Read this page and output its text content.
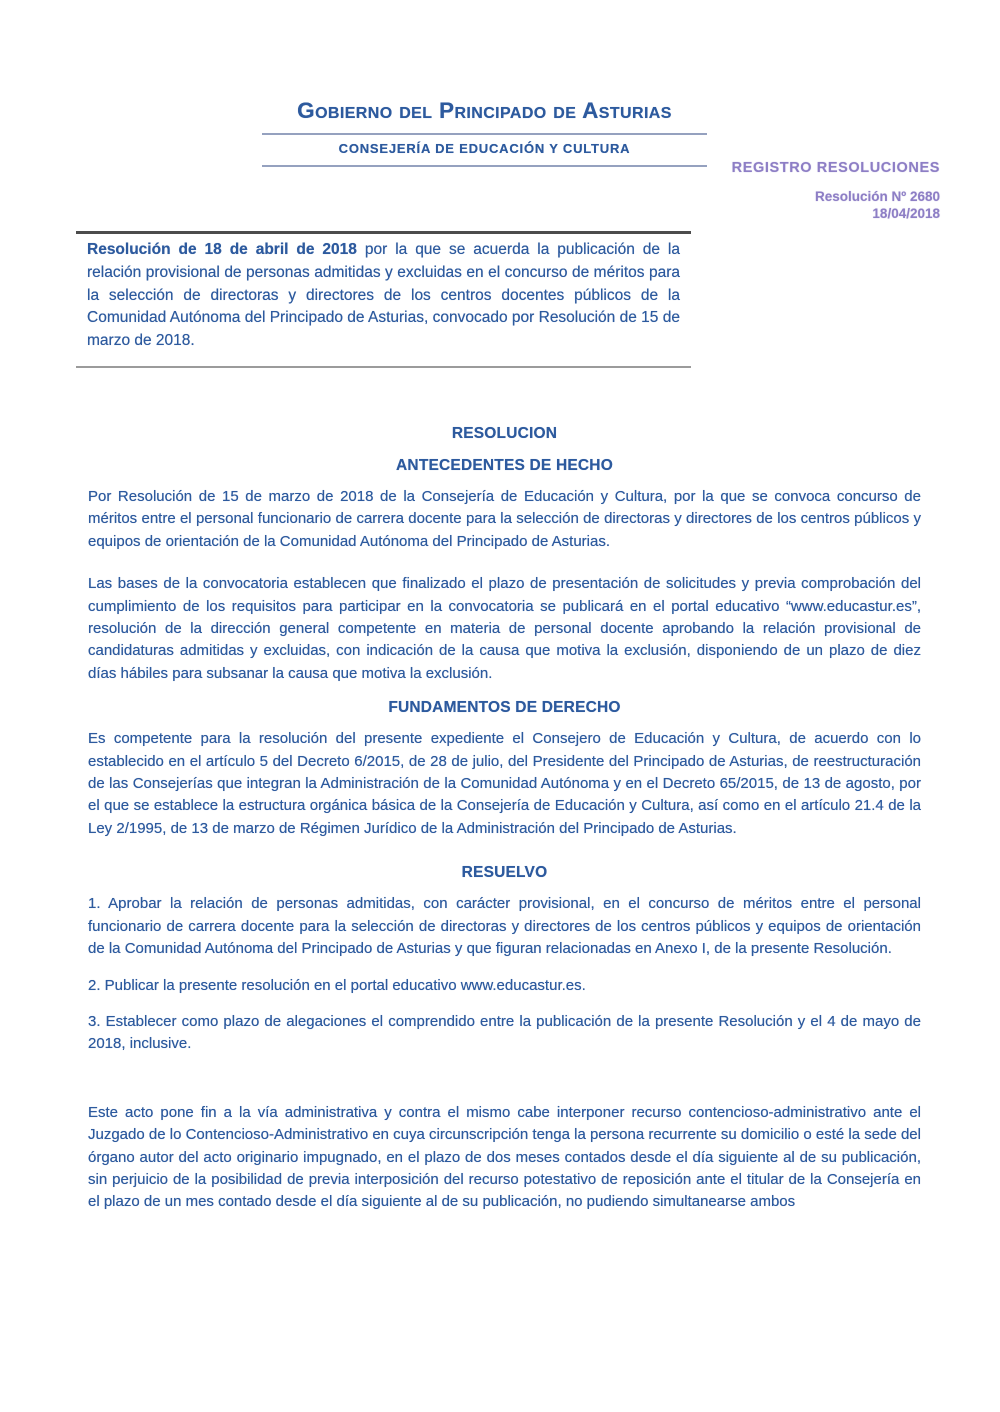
Gobierno del Principado de Asturias
CONSEJERÍA DE EDUCACIÓN Y CULTURA
REGISTRO RESOLUCIONES
Resolución Nº 2680
18/04/2018
Resolución de 18 de abril de 2018 por la que se acuerda la publicación de la relación provisional de personas admitidas y excluidas en el concurso de méritos para la selección de directoras y directores de los centros docentes públicos de la Comunidad Autónoma del Principado de Asturias, convocado por Resolución de 15 de marzo de 2018.
RESOLUCION
ANTECEDENTES DE HECHO

Por Resolución de 15 de marzo de 2018 de la Consejería de Educación y Cultura, por la que se convoca concurso de méritos entre el personal funcionario de carrera docente para la selección de directoras y directores de los centros públicos y equipos de orientación de la Comunidad Autónoma del Principado de Asturias.

Las bases de la convocatoria establecen que finalizado el plazo de presentación de solicitudes y previa comprobación del cumplimiento de los requisitos para participar en la convocatoria se publicará en el portal educativo “www.educastur.es”, resolución de la dirección general competente en materia de personal docente aprobando la relación provisional de candidaturas admitidas y excluidas, con indicación de la causa que motiva la exclusión, disponiendo de un plazo de diez días hábiles para subsanar la causa que motiva la exclusión.

FUNDAMENTOS DE DERECHO

Es competente para la resolución del presente expediente el Consejero de Educación y Cultura, de acuerdo con lo establecido en el artículo 5 del Decreto 6/2015, de 28 de julio, del Presidente del Principado de Asturias, de reestructuración de las Consejerías que integran la Administración de la Comunidad Autónoma y en el Decreto 65/2015, de 13 de agosto, por el que se establece la estructura orgánica básica de la Consejería de Educación y Cultura, así como en el artículo 21.4 de la Ley 2/1995, de 13 de marzo de Régimen Jurídico de la Administración del Principado de Asturias.

RESUELVO

1. Aprobar la relación de personas admitidas, con carácter provisional, en el concurso de méritos entre el personal funcionario de carrera docente para la selección de directoras y directores de los centros públicos y equipos de orientación de la Comunidad Autónoma del Principado de Asturias y que figuran relacionadas en Anexo I, de la presente Resolución.

2. Publicar la presente resolución en el portal educativo www.educastur.es.

3. Establecer como plazo de alegaciones el comprendido entre la publicación de la presente Resolución y el 4 de mayo de 2018, inclusive.

Este acto pone fin a la vía administrativa y contra el mismo cabe interponer recurso contencioso-administrativo ante el Juzgado de lo Contencioso-Administrativo en cuya circunscripción tenga la persona recurrente su domicilio o esté la sede del órgano autor del acto originario impugnado, en el plazo de dos meses contados desde el día siguiente al de su publicación, sin perjuicio de la posibilidad de previa interposición del recurso potestativo de reposición ante el titular de la Consejería en el plazo de un mes contado desde el día siguiente al de su publicación, no pudiendo simultanearse ambos
